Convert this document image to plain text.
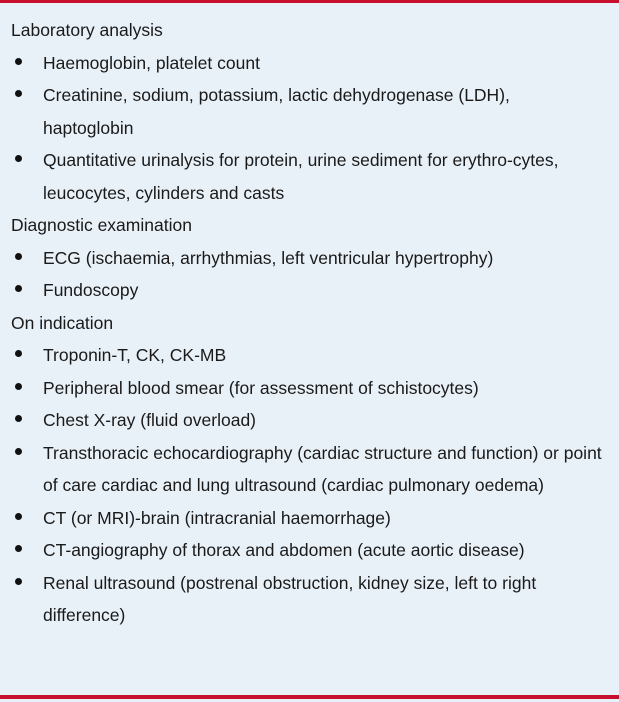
Laboratory analysis
Haemoglobin, platelet count
Creatinine, sodium, potassium, lactic dehydrogenase (LDH), haptoglobin
Quantitative urinalysis for protein, urine sediment for erythro-cytes, leucocytes, cylinders and casts
Diagnostic examination
ECG (ischaemia, arrhythmias, left ventricular hypertrophy)
Fundoscopy
On indication
Troponin-T, CK, CK-MB
Peripheral blood smear (for assessment of schistocytes)
Chest X-ray (fluid overload)
Transthoracic echocardiography (cardiac structure and function) or point of care cardiac and lung ultrasound (cardiac pulmonary oedema)
CT (or MRI)-brain (intracranial haemorrhage)
CT-angiography of thorax and abdomen (acute aortic disease)
Renal ultrasound (postrenal obstruction, kidney size, left to right difference)
